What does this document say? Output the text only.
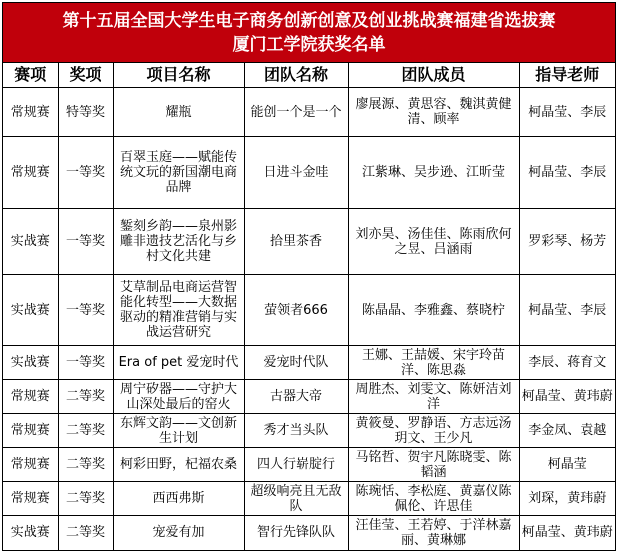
第十五届全国大学生电子商务创新创意及创业挑战赛福建省选拔赛
厦门工学院获奖名单
赛项	奖项	项目名称	团队名称	团队成员	指导老师
常规赛	特等奖	耀瓶	能创一个是一个	廖展源、黄思容、魏淇黄健清、顾率	柯晶莹、李辰
常规赛	一等奖	百翠玉庭——赋能传统文玩的新国潮电商品牌	日进斗金哇	江紫琳、吴步逊、江昕莹	柯晶莹、李辰
实战赛	一等奖	錾刻乡韵——泉州影雕非遗技艺活化与乡村文化共建	拾里茶香	刘亦昊、汤佳佳、陈雨欣何之昱、吕涵雨	罗彩琴、杨芳
实战赛	一等奖	艾草制品电商运营智能化转型——大数据驱动的精准营销与实战运营研究	萤领者666	陈晶晶、李雅鑫、蔡晓柠	柯晶莹、李辰
实战赛	一等奖	Era of pet 爱宠时代	爱宠时代队	王娜、王喆媛、宋宇玲苗洋、陈思淼	李辰、蒋育文
常规赛	二等奖	周宁矽器——守护大山深处最后的窑火	古器大帝	周胜杰、刘雯文、陈妍洁刘洋	柯晶莹、黄玮蔚
常规赛	二等奖	东辉文韵——文创新生计划	秀才当头队	黄筱曼、罗静语、方志远汤玥文、王少凡	李金凤、袁越
常规赛	二等奖	柯彩田野，杞福农桑	四人行崭腚行	马铭哲、贺宇凡陈晓雯、陈韬涵	柯晶莹
常规赛	二等奖	西西弗斯	超级响亮且无敌队	陈琬恬、李松庭、黄嘉仪陈佩伦、许思佳	刘琛，黄玮蔚
实战赛	二等奖	宠爱有加	智行先锋队队	汪佳莹、王若婷、于洋林嘉丽、黄琳娜	柯晶莹、黄玮蔚
